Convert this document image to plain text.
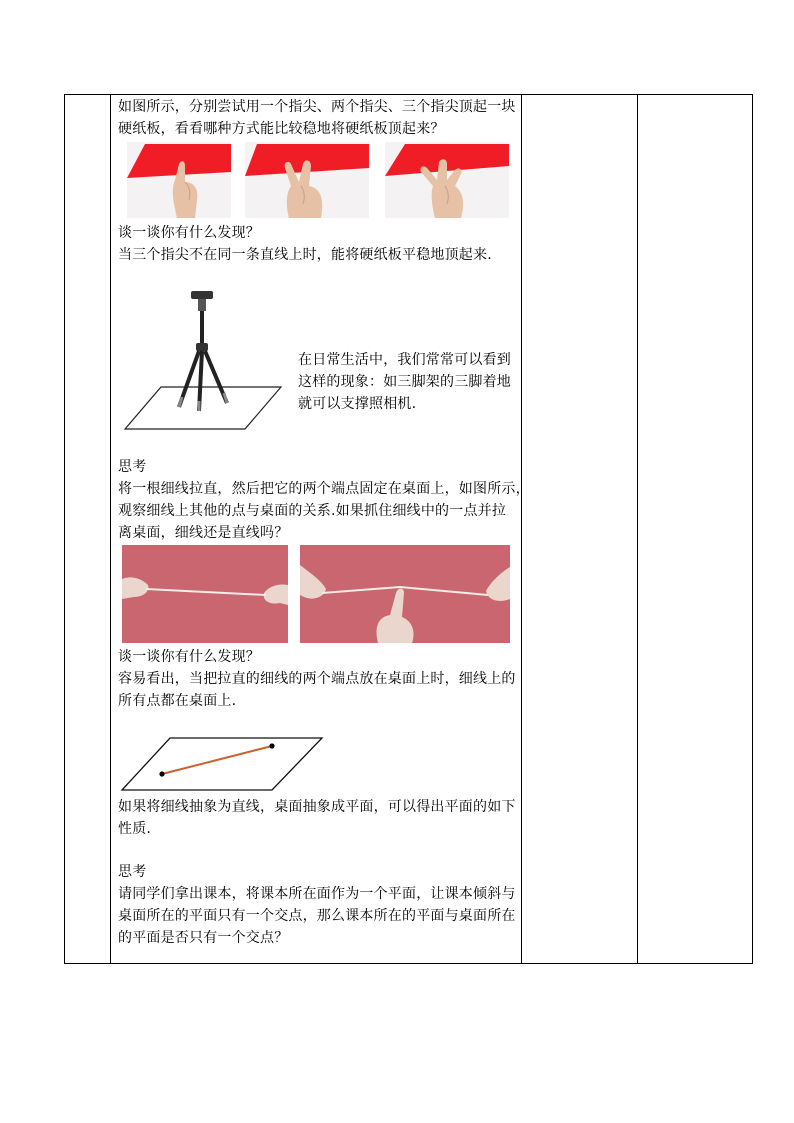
如图所示，分别尝试用一个指尖、两个指尖、三个指尖顶起一块
硬纸板，看看哪种方式能比较稳地将硬纸板顶起来？
谈一谈你有什么发现？
当三个指尖不在同一条直线上时，能将硬纸板平稳地顶起来.
在日常生活中，我们常常可以看到
这样的现象：如三脚架的三脚着地
就可以支撑照相机.
思考
将一根细线拉直，然后把它的两个端点固定在桌面上，如图所示，
观察细线上其他的点与桌面的关系.如果抓住细线中的一点并拉
离桌面，细线还是直线吗？
谈一谈你有什么发现？
容易看出，当把拉直的细线的两个端点放在桌面上时，细线上的
所有点都在桌面上.
如果将细线抽象为直线，桌面抽象成平面，可以得出平面的如下
性质.
思考
请同学们拿出课本，将课本所在面作为一个平面，让课本倾斜与
桌面所在的平面只有一个交点，那么课本所在的平面与桌面所在
的平面是否只有一个交点？
